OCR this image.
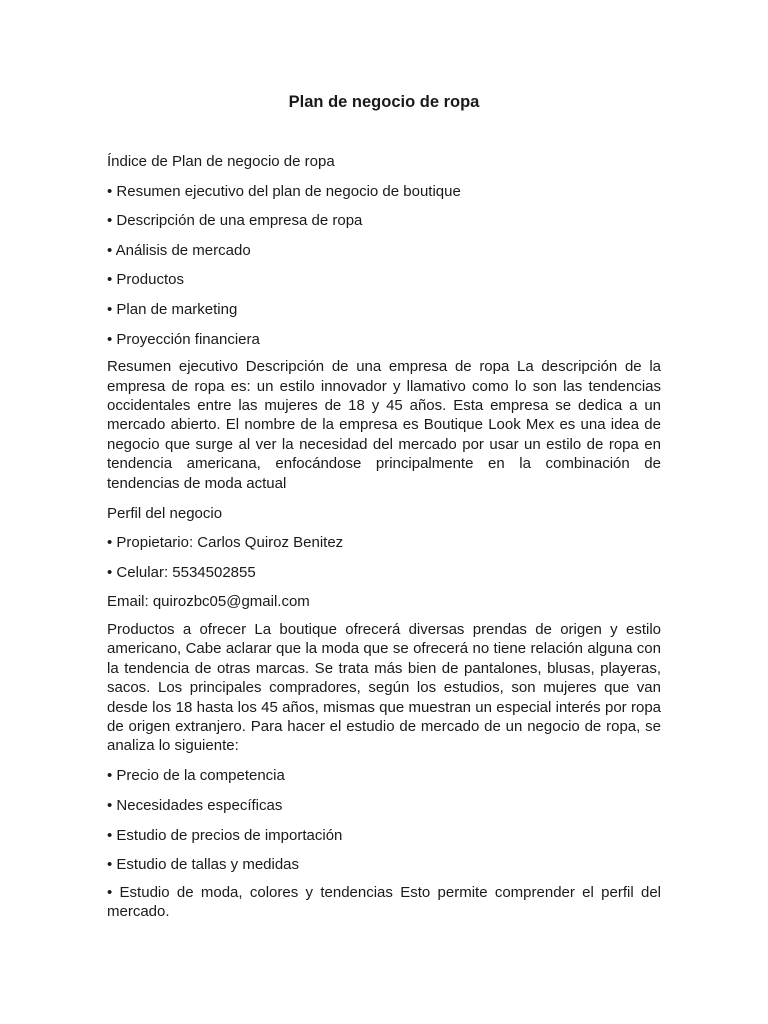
Plan de negocio de ropa
Índice de Plan de negocio de ropa
• Resumen ejecutivo del plan de negocio de boutique
• Descripción de una empresa de ropa
• Análisis de mercado
• Productos
• Plan de marketing
• Proyección financiera

Resumen ejecutivo Descripción de una empresa de ropa La descripción de la empresa de ropa es: un estilo innovador y llamativo como lo son las tendencias occidentales entre las mujeres de 18 y 45 años. Esta empresa se dedica a un mercado abierto. El nombre de la empresa es Boutique Look Mex es una idea de negocio que surge al ver la necesidad del mercado por usar un estilo de ropa en tendencia americana, enfocándose principalmente en la combinación de tendencias de moda actual

Perfil del negocio
• Propietario: Carlos Quiroz Benitez
• Celular: 5534502855
Email: quirozbc05@gmail.com

Productos a ofrecer La boutique ofrecerá diversas prendas de origen y estilo americano, Cabe aclarar que la moda que se ofrecerá no tiene relación alguna con la tendencia de otras marcas. Se trata más bien de pantalones, blusas, playeras, sacos. Los principales compradores, según los estudios, son mujeres que van desde los 18 hasta los 45 años, mismas que muestran un especial interés por ropa de origen extranjero. Para hacer el estudio de mercado de un negocio de ropa, se analiza lo siguiente:

• Precio de la competencia
• Necesidades específicas
• Estudio de precios de importación
• Estudio de tallas y medidas

• Estudio de moda, colores y tendencias Esto permite comprender el perfil del mercado.
